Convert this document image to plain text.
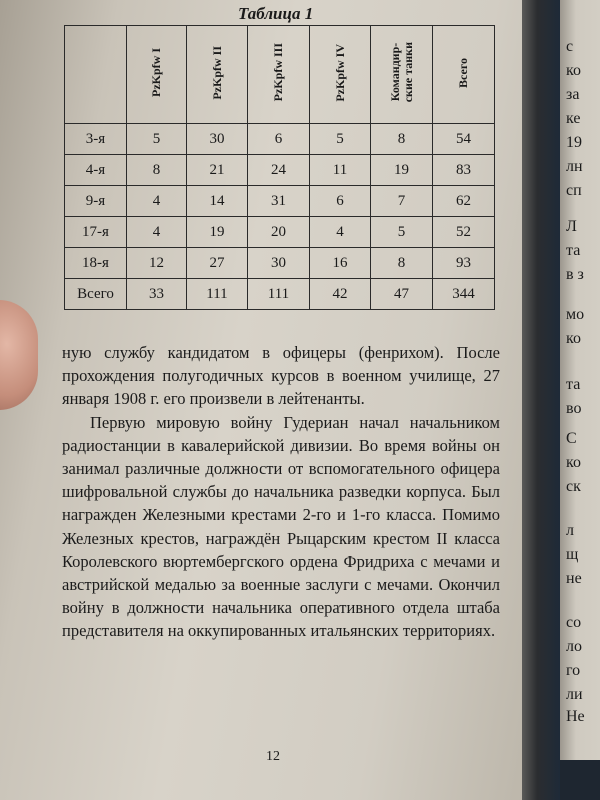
Таблица 1

	PzKpfw I	PzKpfw II	PzKpfw III	PzKpfw IV	Командир-
ские танки	Всего
3-я	5	30	6	5	8	54
4-я	8	21	24	11	19	83
9-я	4	14	31	6	7	62
17-я	4	19	20	4	5	52
18-я	12	27	30	16	8	93
Всего	33	111	111	42	47	344

ную службу кандидатом в офицеры (фенрихом). После прохождения полугодичных курсов в военном училище, 27 января 1908 г. его произвели в лейтенанты.

Первую мировую войну Гудериан начал начальником радиостанции в кавалерийской дивизии. Во время войны он занимал различные должности от вспомогательного офицера шифровальной службы до начальника разведки корпуса. Был награжден Железными крестами 2-го и 1-го класса. Помимо Железных крестов, награждён Рыцарским крестом II класса Королевского вюртембергского ордена Фридриха с мечами и австрийской медалью за военные заслуги с мечами. Окончил войну в должности начальника оперативного отдела штаба представителя на оккупированных итальянских территориях.

12
с
ко
за
ке
19
лн
сп
Л
та
в з
мо
ко
та
во
С
ко
ск
л
щ
не
со
ло
го
ли
Не
